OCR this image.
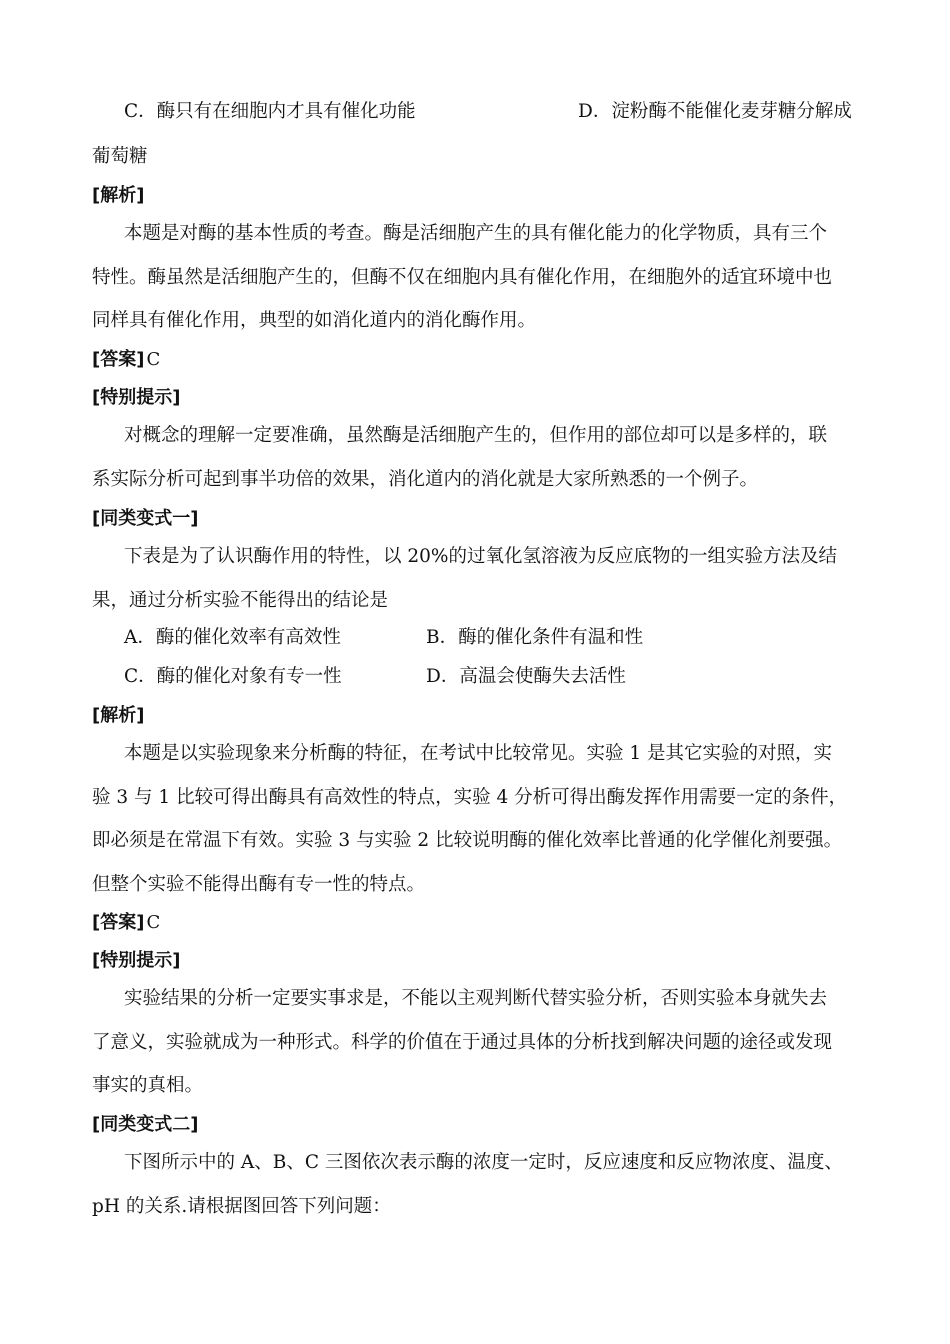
C．酶只有在细胞内才具有催化功能	D．淀粉酶不能催化麦芽糖分解成
葡萄糖
[解析]
本题是对酶的基本性质的考查。酶是活细胞产生的具有催化能力的化学物质，具有三个
特性。酶虽然是活细胞产生的，但酶不仅在细胞内具有催化作用，在细胞外的适宜环境中也
同样具有催化作用，典型的如消化道内的消化酶作用。
[答案] C
[特别提示]
对概念的理解一定要准确，虽然酶是活细胞产生的，但作用的部位却可以是多样的，联
系实际分析可起到事半功倍的效果，消化道内的消化就是大家所熟悉的一个例子。
[同类变式一]
下表是为了认识酶作用的特性，以 20%的过氧化氢溶液为反应底物的一组实验方法及结
果，通过分析实验不能得出的结论是
A．酶的催化效率有高效性	B．酶的催化条件有温和性
C．酶的催化对象有专一性	D．高温会使酶失去活性
[解析]
本题是以实验现象来分析酶的特征，在考试中比较常见。实验 1 是其它实验的对照，实
验 3 与 1 比较可得出酶具有高效性的特点，实验 4 分析可得出酶发挥作用需要一定的条件，
即必须是在常温下有效。实验 3 与实验 2 比较说明酶的催化效率比普通的化学催化剂要强。
但整个实验不能得出酶有专一性的特点。
[答案] C
[特别提示]
实验结果的分析一定要实事求是，不能以主观判断代替实验分析，否则实验本身就失去
了意义，实验就成为一种形式。科学的价值在于通过具体的分析找到解决问题的途径或发现
事实的真相。
[同类变式二]
下图所示中的 A、B、C 三图依次表示酶的浓度一定时，反应速度和反应物浓度、温度、
pH 的关系.请根据图回答下列问题：
